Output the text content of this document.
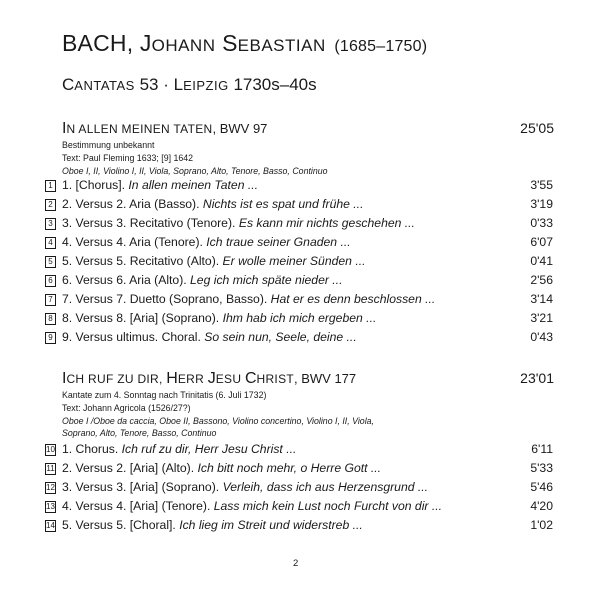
BACH, JOHANN SEBASTIAN (1685–1750)
CANTATAS 53 · LEIPZIG 1730s–40s
IN ALLEN MEINEN TATEN, BWV 97	25'05
Bestimmung unbekannt
Text: Paul Fleming 1633; [9] 1642
Oboe I, II, Violino I, II, Viola, Soprano, Alto, Tenore, Basso, Continuo
1 1. [Chorus]. In allen meinen Taten ...	3'55
2 2. Versus 2. Aria (Basso). Nichts ist es spat und frühe ...	3'19
3 3. Versus 3. Recitativo (Tenore). Es kann mir nichts geschehen ...	0'33
4 4. Versus 4. Aria (Tenore). Ich traue seiner Gnaden ...	6'07
5 5. Versus 5. Recitativo (Alto). Er wolle meiner Sünden ...	0'41
6 6. Versus 6. Aria (Alto). Leg ich mich späte nieder ...	2'56
7 7. Versus 7. Duetto (Soprano, Basso). Hat er es denn beschlossen ...	3'14
8 8. Versus 8. [Aria] (Soprano). Ihm hab ich mich ergeben ...	3'21
9 9. Versus ultimus. Choral. So sein nun, Seele, deine ...	0'43
ICH RUF ZU DIR, HERR JESU CHRIST, BWV 177	23'01
Kantate zum 4. Sonntag nach Trinitatis (6. Juli 1732)
Text: Johann Agricola (1526/27?)
Oboe I /Oboe da caccia, Oboe II, Bassono, Violino concertino, Violino I, II, Viola,
Soprano, Alto, Tenore, Basso, Continuo
10 1. Chorus. Ich ruf zu dir, Herr Jesu Christ ...	6'11
11 2. Versus 2. [Aria] (Alto). Ich bitt noch mehr, o Herre Gott ...	5'33
12 3. Versus 3. [Aria] (Soprano). Verleih, dass ich aus Herzensgrund ...	5'46
13 4. Versus 4. [Aria] (Tenore). Lass mich kein Lust noch Furcht von dir ...	4'20
14 5. Versus 5. [Choral]. Ich lieg im Streit und widerstreb ...	1'02
2
